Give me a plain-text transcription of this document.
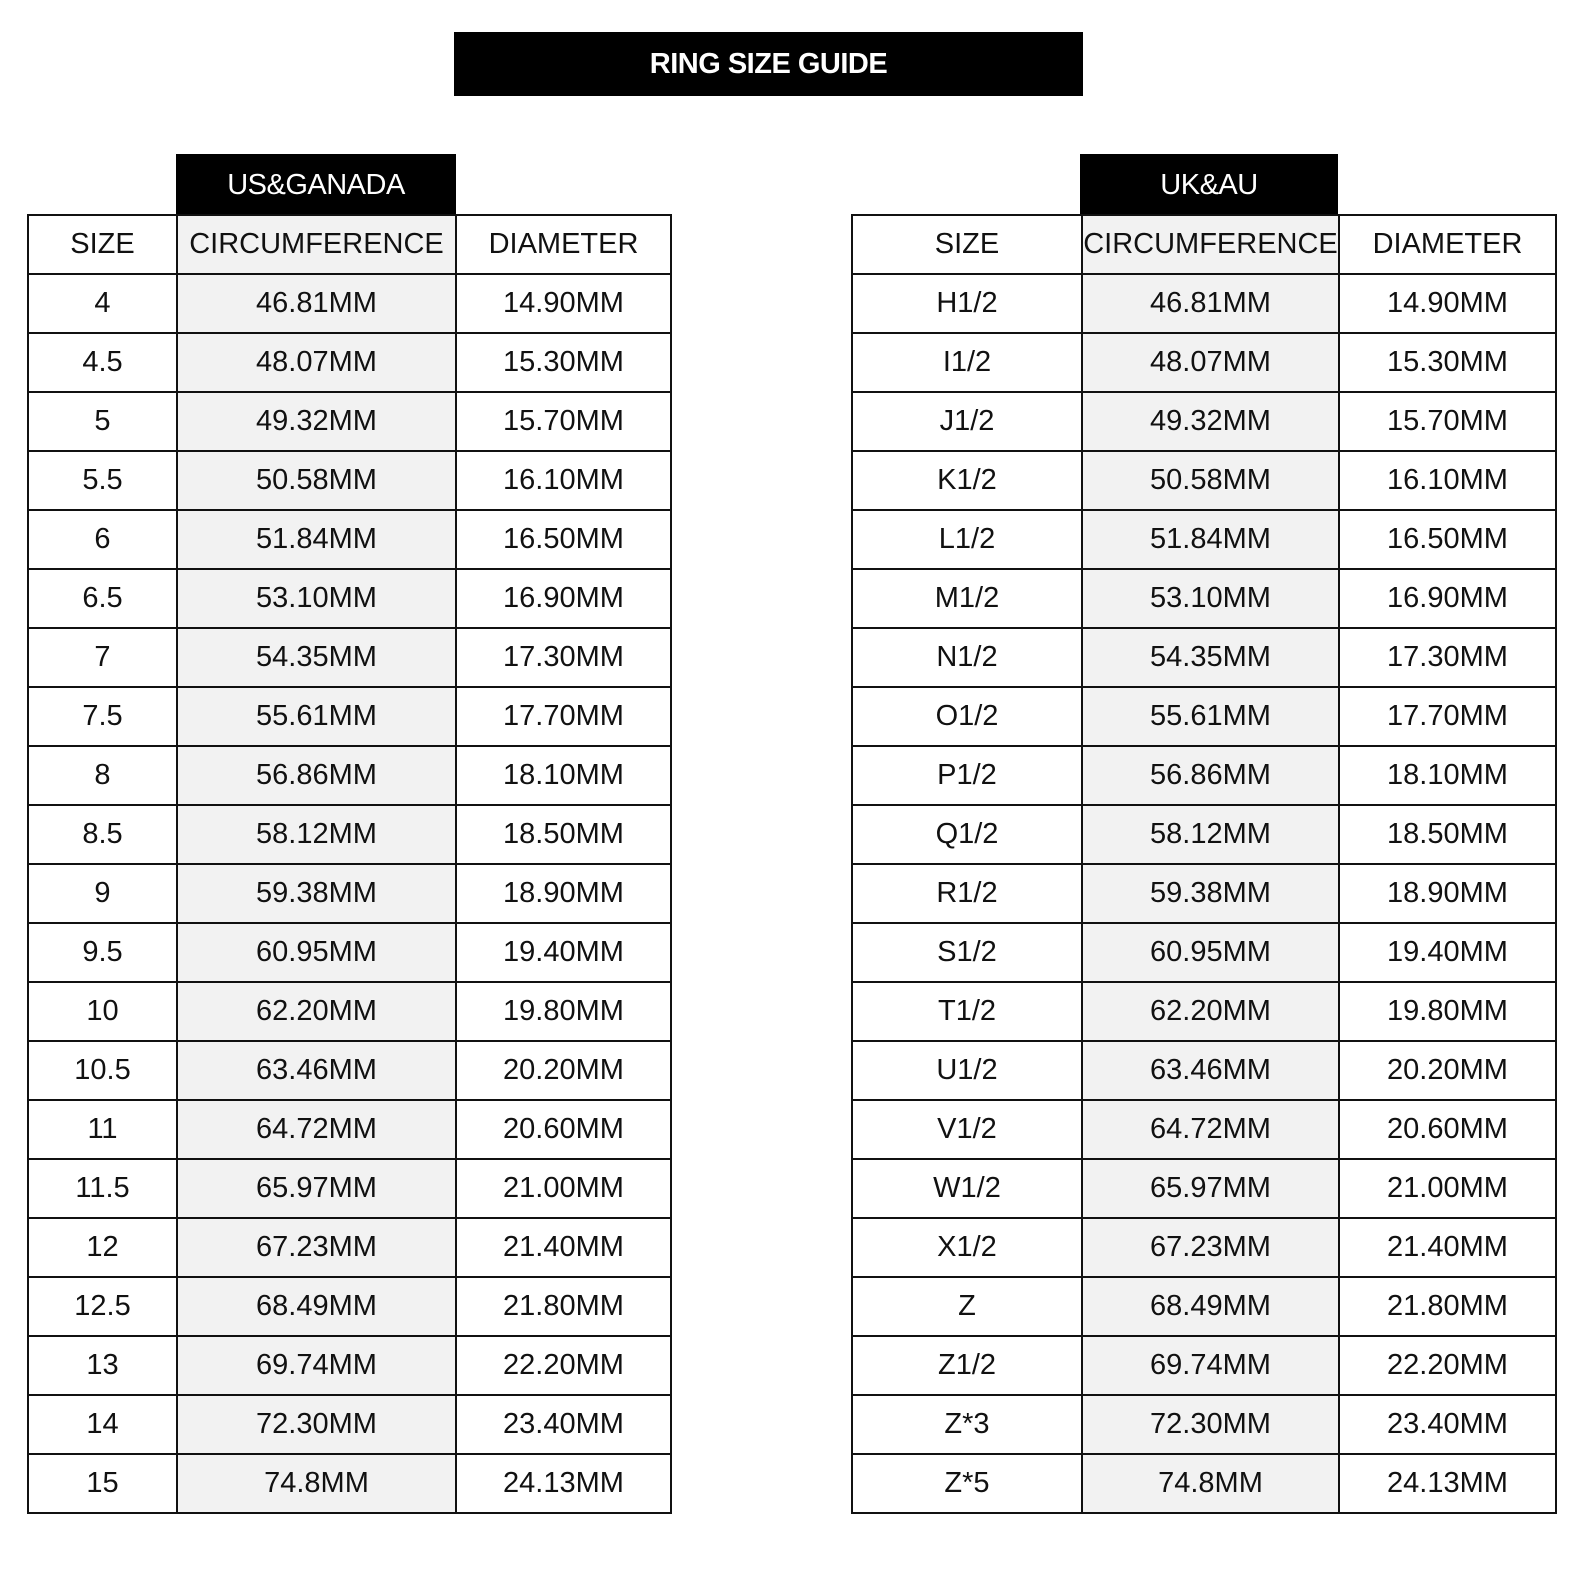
RING SIZE GUIDE
US&GANADA	UK&AU
SIZE	CIRCUMFERENCE	DIAMETER
4	46.81MM	14.90MM
4.5	48.07MM	15.30MM
5	49.32MM	15.70MM
5.5	50.58MM	16.10MM
6	51.84MM	16.50MM
6.5	53.10MM	16.90MM
7	54.35MM	17.30MM
7.5	55.61MM	17.70MM
8	56.86MM	18.10MM
8.5	58.12MM	18.50MM
9	59.38MM	18.90MM
9.5	60.95MM	19.40MM
10	62.20MM	19.80MM
10.5	63.46MM	20.20MM
11	64.72MM	20.60MM
11.5	65.97MM	21.00MM
12	67.23MM	21.40MM
12.5	68.49MM	21.80MM
13	69.74MM	22.20MM
14	72.30MM	23.40MM
15	74.8MM	24.13MM
SIZE	CIRCUMFERENCE	DIAMETER
H1/2	46.81MM	14.90MM
I1/2	48.07MM	15.30MM
J1/2	49.32MM	15.70MM
K1/2	50.58MM	16.10MM
L1/2	51.84MM	16.50MM
M1/2	53.10MM	16.90MM
N1/2	54.35MM	17.30MM
O1/2	55.61MM	17.70MM
P1/2	56.86MM	18.10MM
Q1/2	58.12MM	18.50MM
R1/2	59.38MM	18.90MM
S1/2	60.95MM	19.40MM
T1/2	62.20MM	19.80MM
U1/2	63.46MM	20.20MM
V1/2	64.72MM	20.60MM
W1/2	65.97MM	21.00MM
X1/2	67.23MM	21.40MM
Z	68.49MM	21.80MM
Z1/2	69.74MM	22.20MM
Z*3	72.30MM	23.40MM
Z*5	74.8MM	24.13MM
